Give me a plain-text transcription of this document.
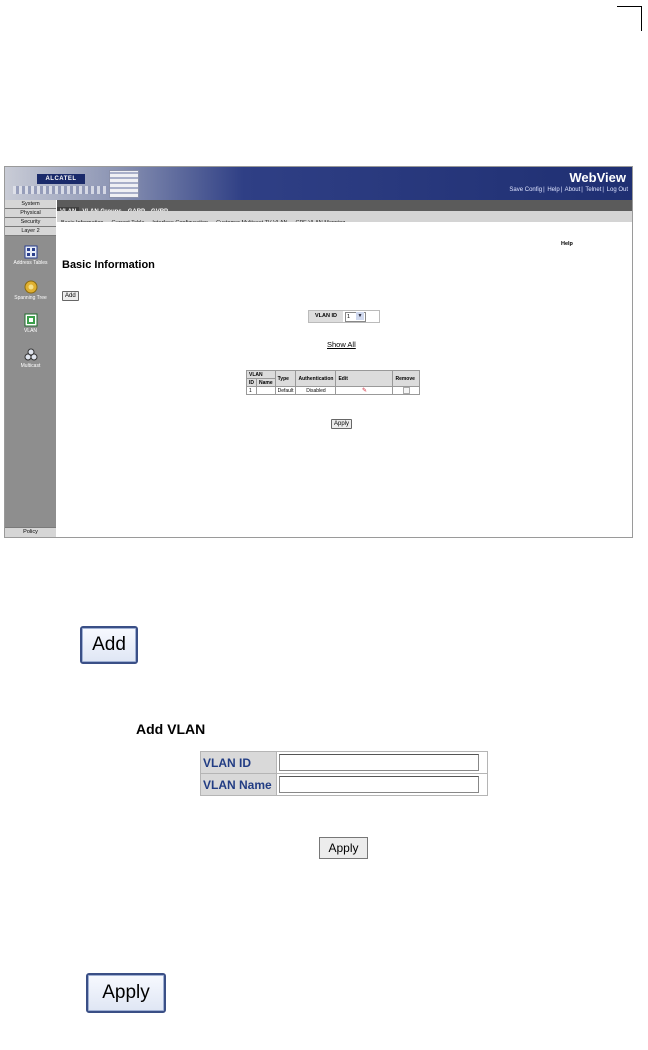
ALCATEL	WebView
Save Config| Help| About| Telnet| Log Out
System
Physical
Security
Layer 2
Address Tables
Spanning Tree
VLAN
Multicast
Policy
Help
Basic Information
Add
VLAN ID	1	▼
Show All
VLAN		Type	Authentication	Edit	Remove
ID	Name				
1		Default	Disabled	✎	
Apply
Add
Add VLAN
VLAN ID	
VLAN Name	
Apply
Apply
